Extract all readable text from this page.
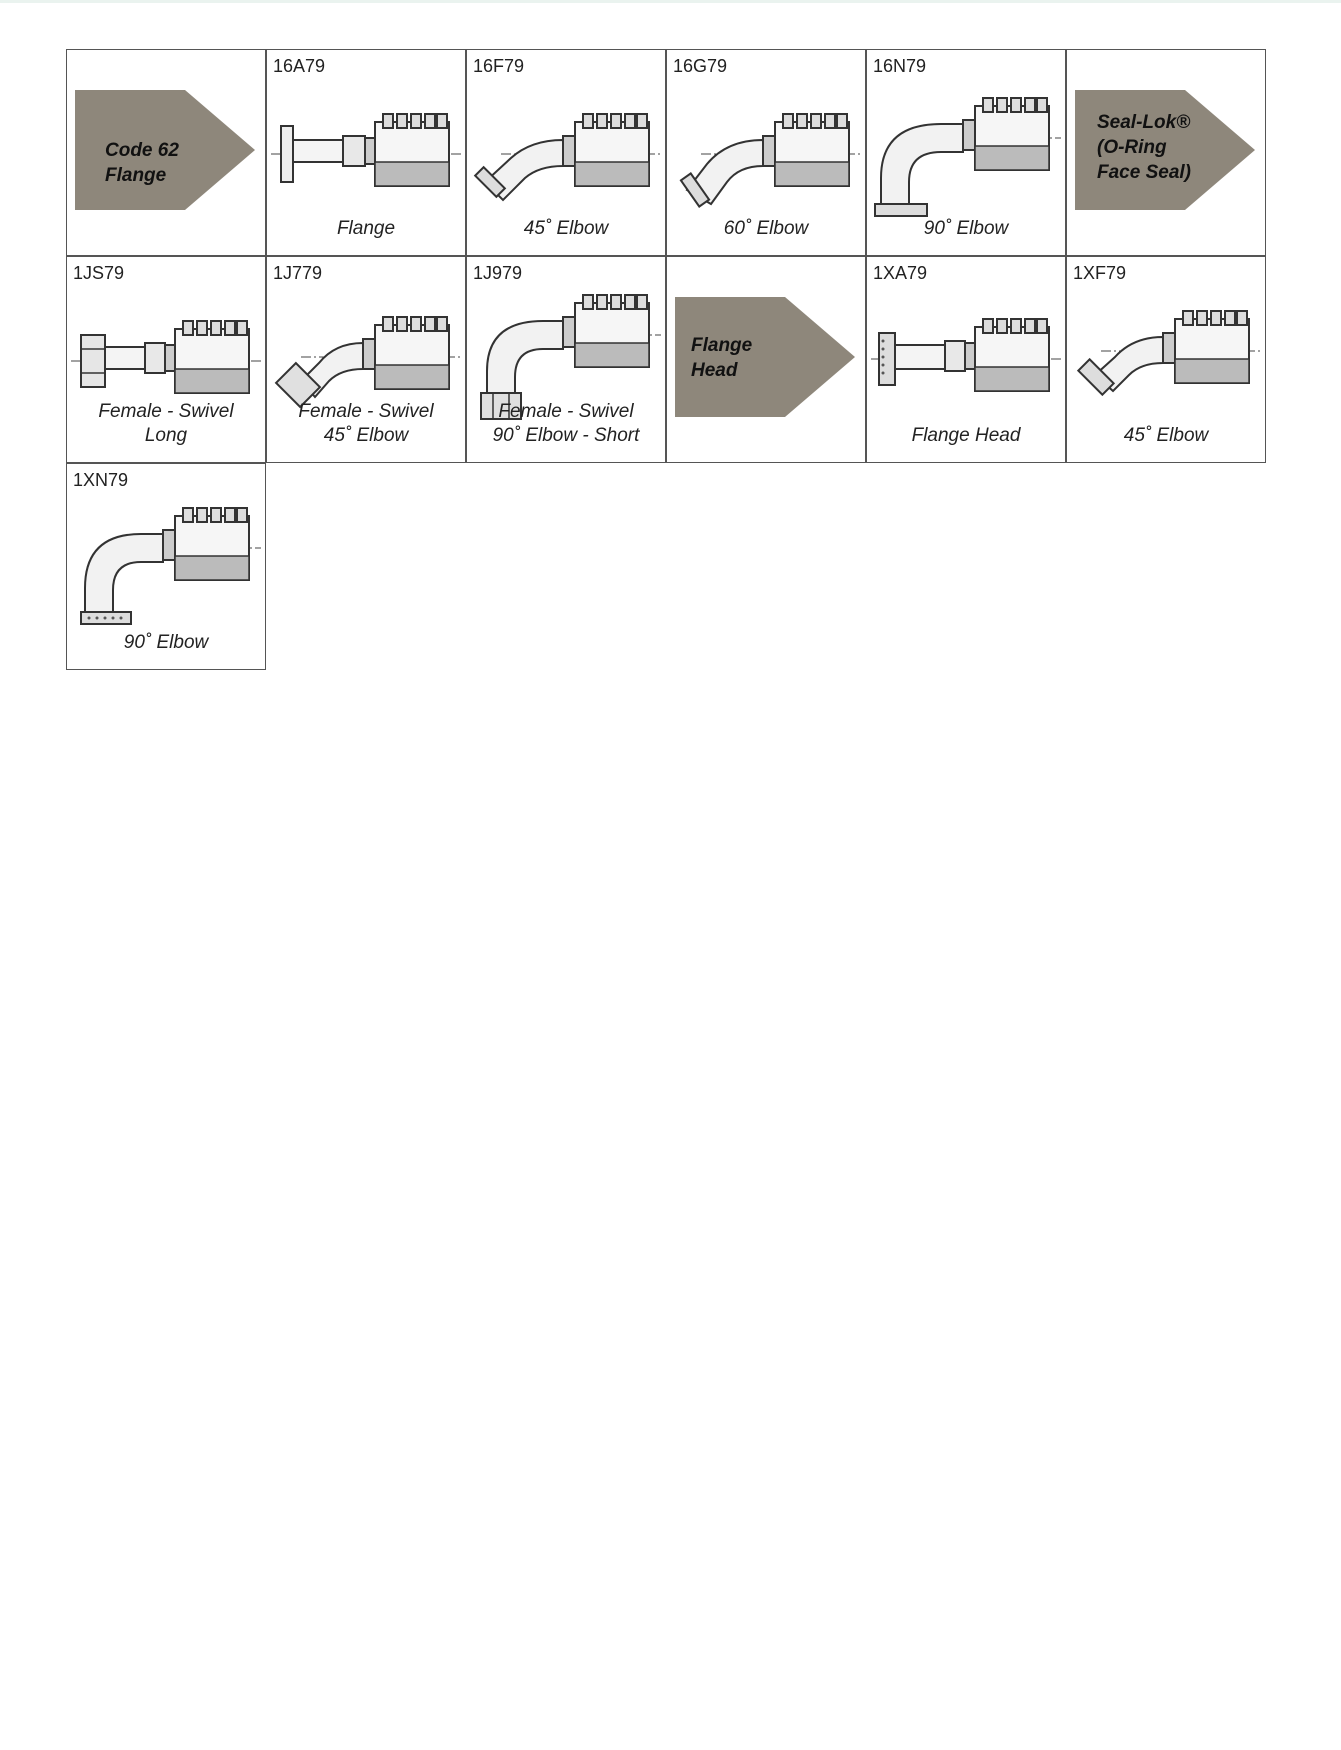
Code 62
Flange
16A79
Flange
16F79
45˚ Elbow
16G79
60˚ Elbow
16N79
90˚ Elbow
Seal-Lok®
(O-Ring
Face Seal)
1JS79
Female - Swivel
Long
1J779
Female - Swivel
45˚ Elbow
1J979
Female - Swivel
90˚ Elbow - Short
Flange
Head
1XA79
Flange Head
1XF79
45˚ Elbow
1XN79
90˚ Elbow
